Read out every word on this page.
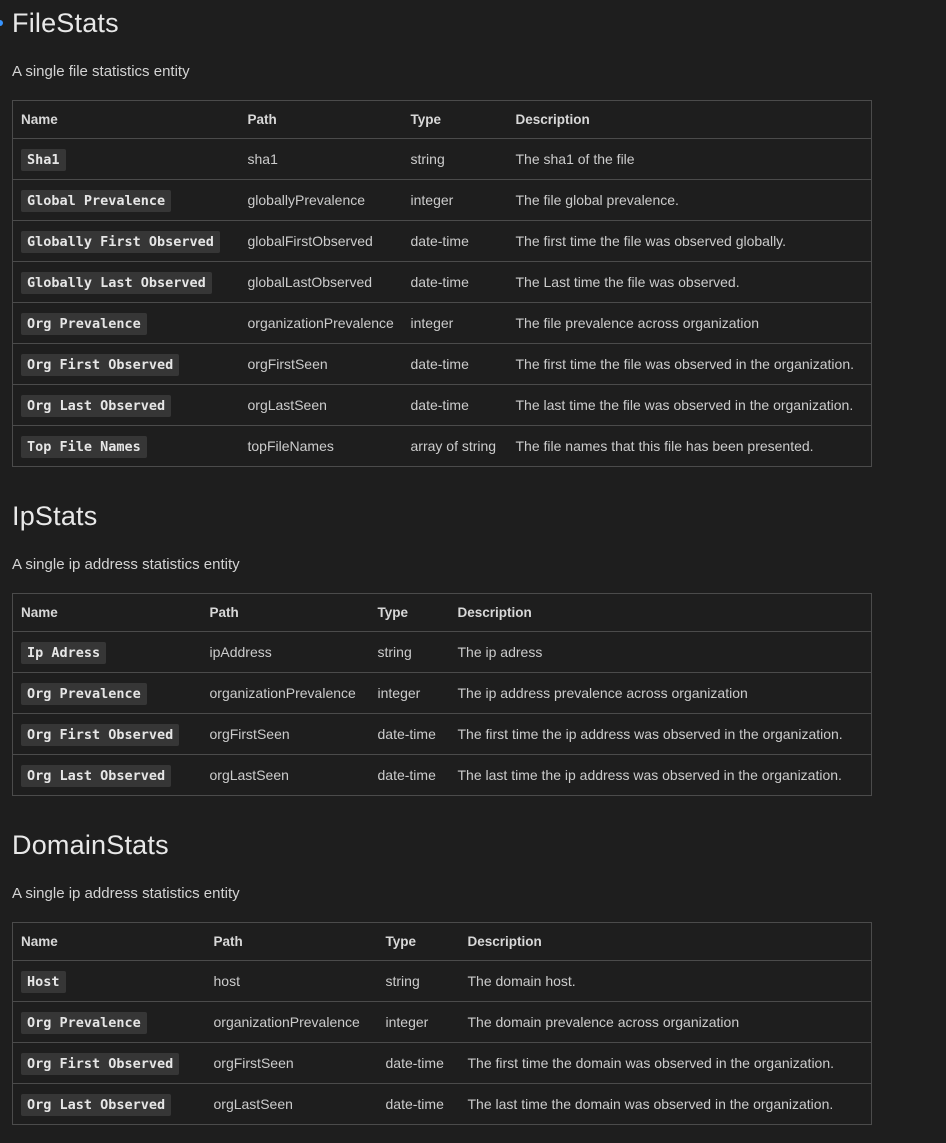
FileStats

A single file statistics entity

Name	Path	Type	Description
Sha1	sha1	string	The sha1 of the file
Global Prevalence	globallyPrevalence	integer	The file global prevalence.
Globally First Observed	globalFirstObserved	date-time	The first time the file was observed globally.
Globally Last Observed	globalLastObserved	date-time	The Last time the file was observed.
Org Prevalence	organizationPrevalence	integer	The file prevalence across organization
Org First Observed	orgFirstSeen	date-time	The first time the file was observed in the organization.
Org Last Observed	orgLastSeen	date-time	The last time the file was observed in the organization.
Top File Names	topFileNames	array of string	The file names that this file has been presented.
IpStats

A single ip address statistics entity

Name	Path	Type	Description
Ip Adress	ipAddress	string	The ip adress
Org Prevalence	organizationPrevalence	integer	The ip address prevalence across organization
Org First Observed	orgFirstSeen	date-time	The first time the ip address was observed in the organization.
Org Last Observed	orgLastSeen	date-time	The last time the ip address was observed in the organization.
DomainStats

A single ip address statistics entity

Name	Path	Type	Description
Host	host	string	The domain host.
Org Prevalence	organizationPrevalence	integer	The domain prevalence across organization
Org First Observed	orgFirstSeen	date-time	The first time the domain was observed in the organization.
Org Last Observed	orgLastSeen	date-time	The last time the domain was observed in the organization.
